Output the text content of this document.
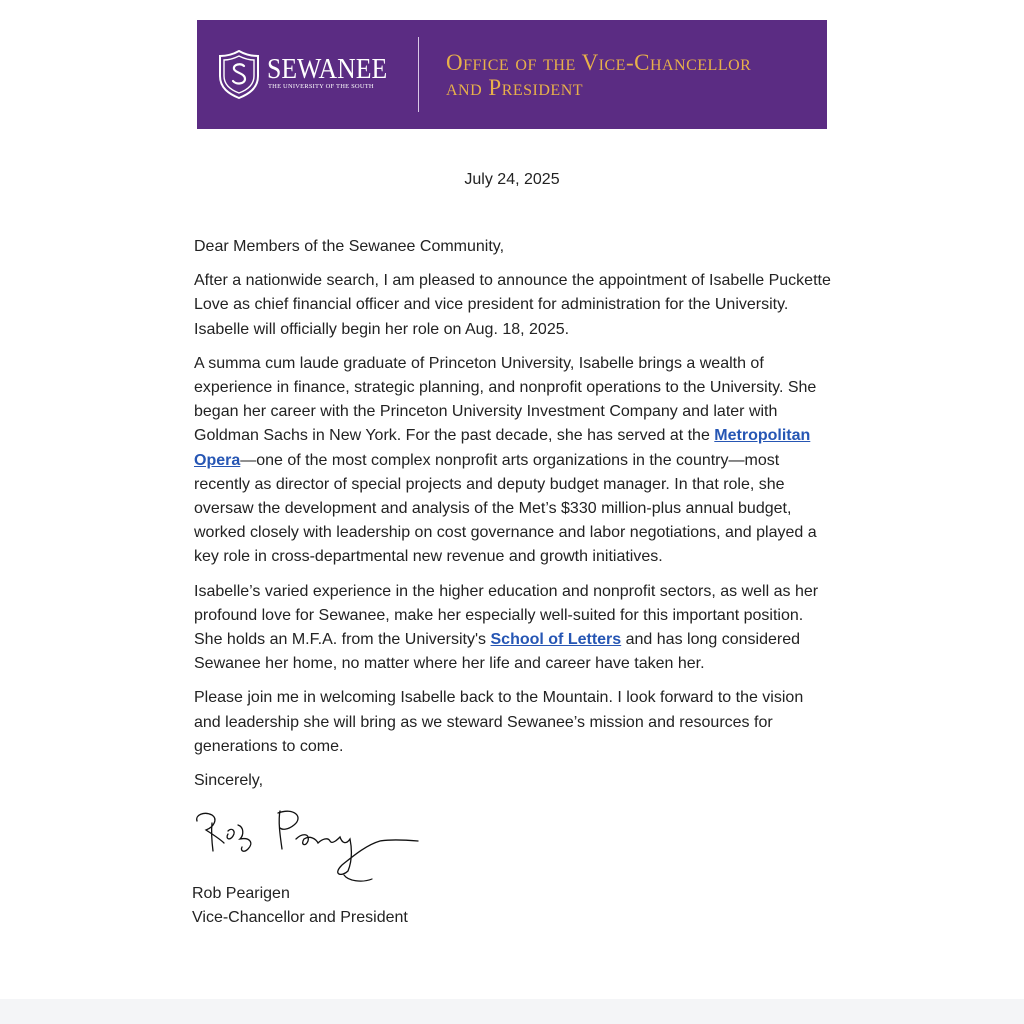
SEWANEE
THE UNIVERSITY OF THE SOUTH
Office of the Vice-Chancellor
and President
July 24, 2025

Dear Members of the Sewanee Community,

After a nationwide search, I am pleased to announce the appointment of Isabelle Puckette Love as chief financial officer and vice president for administration for the University. Isabelle will officially begin her role on Aug. 18, 2025.

A summa cum laude graduate of Princeton University, Isabelle brings a wealth of experience in finance, strategic planning, and nonprofit operations to the University. She began her career with the Princeton University Investment Company and later with Goldman Sachs in New York. For the past decade, she has served at the Metropolitan Opera—one of the most complex nonprofit arts organizations in the country—most recently as director of special projects and deputy budget manager. In that role, she oversaw the development and analysis of the Met’s $330 million-plus annual budget, worked closely with leadership on cost governance and labor negotiations, and played a key role in cross-departmental new revenue and growth initiatives.

Isabelle’s varied experience in the higher education and nonprofit sectors, as well as her profound love for Sewanee, make her especially well-suited for this important position. She holds an M.F.A. from the University's School of Letters and has long considered Sewanee her home, no matter where her life and career have taken her.

Please join me in welcoming Isabelle back to the Mountain. I look forward to the vision and leadership she will bring as we steward Sewanee’s mission and resources for generations to come.

Sincerely,

Rob Pearigen
Vice-Chancellor and President
